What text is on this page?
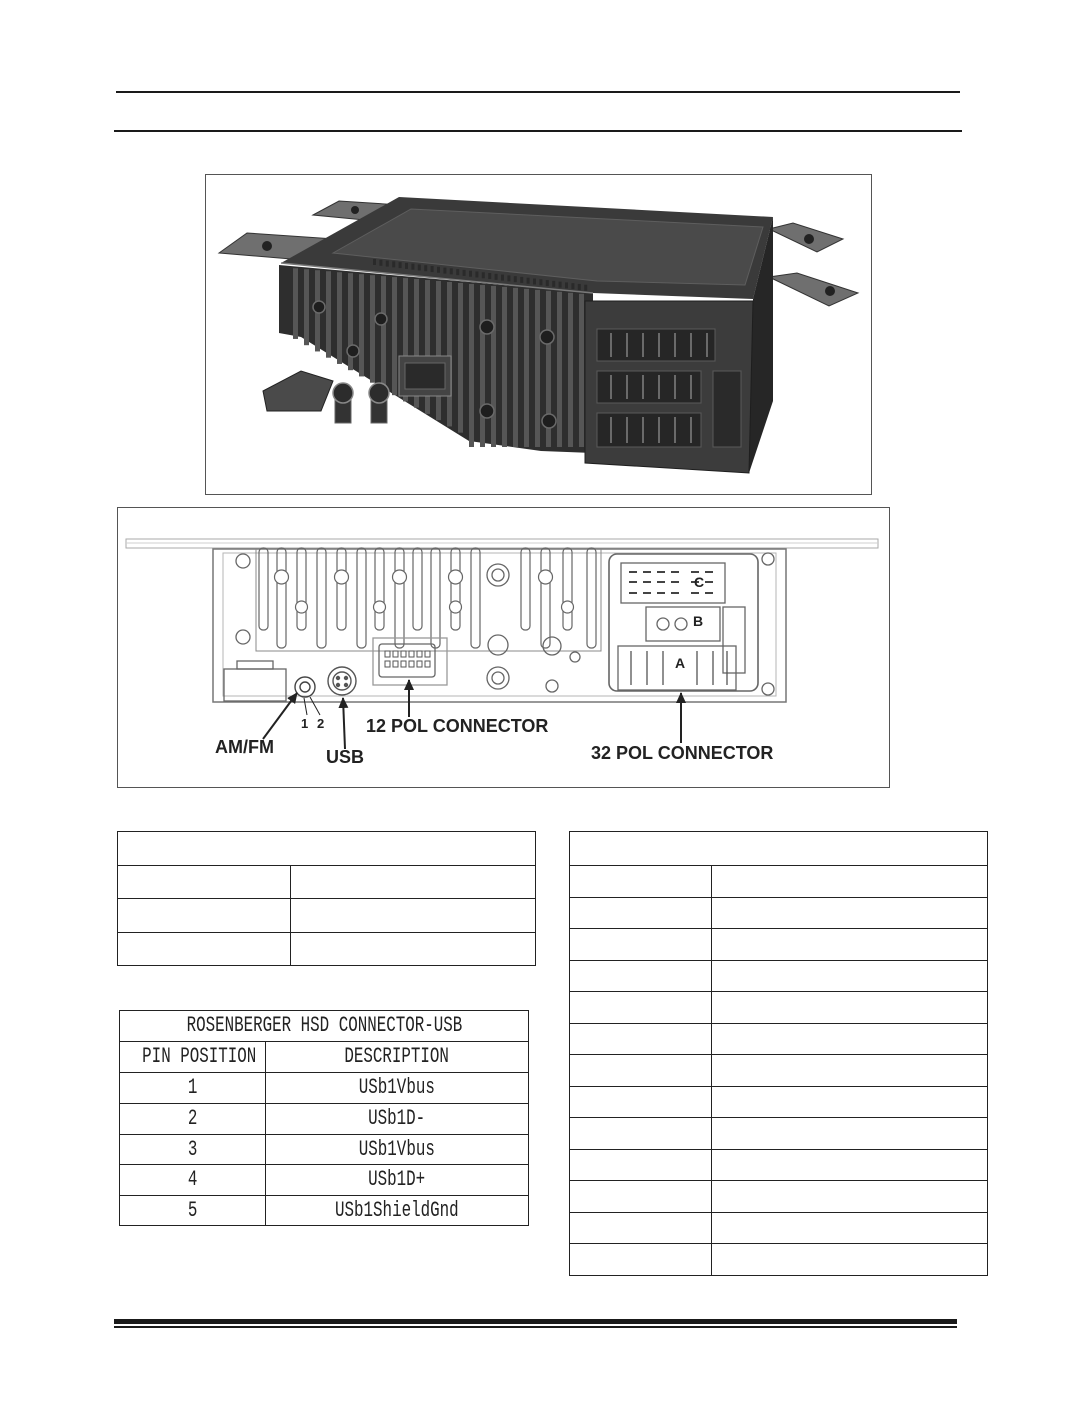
AM/FM
1 2
USB
12 POL CONNECTOR
32 POL CONNECTOR
C
B
A

ROSENBERGER HSD CONNECTOR-USB	
PIN POSITION	DESCRIPTION
1	USb1Vbus
2	USb1D-
3	USb1Vbus
4	USb1D+
5	USb1ShieldGnd
